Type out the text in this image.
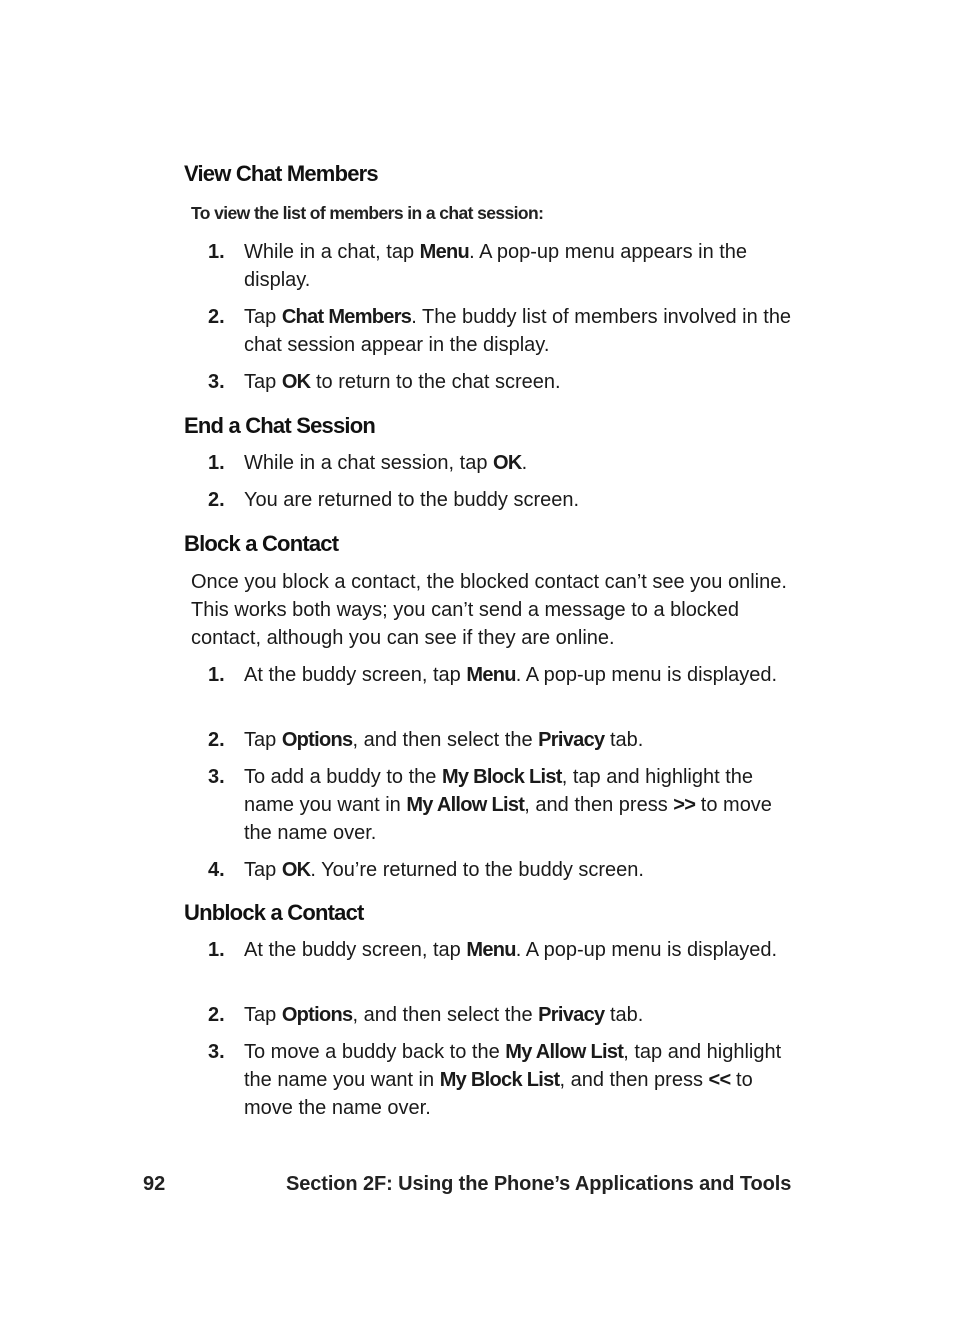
View Chat Members

To view the list of members in a chat session:

1. While in a chat, tap Menu. A pop-up menu appears in the display.

2. Tap Chat Members. The buddy list of members involved in the chat session appear in the display.

3. Tap OK to return to the chat screen.

End a Chat Session
1. While in a chat session, tap OK.

2. You are returned to the buddy screen.

Block a Contact

Once you block a contact, the blocked contact can’t see you online. This works both ways; you can’t send a message to a blocked contact, although you can see if they are online.

1. At the buddy screen, tap Menu. A pop-up menu is displayed.

2. Tap Options, and then select the Privacy tab.

3. To add a buddy to the My Block List, tap and highlight the name you want in My Allow List, and then press >> to move the name over.

4. Tap OK. You’re returned to the buddy screen.

Unblock a Contact
1. At the buddy screen, tap Menu. A pop-up menu is displayed.

2. Tap Options, and then select the Privacy tab.

3. To move a buddy back to the My Allow List, tap and highlight the name you want in My Block List, and then press << to move the name over.

92	Section 2F: Using the Phone’s Applications and Tools
